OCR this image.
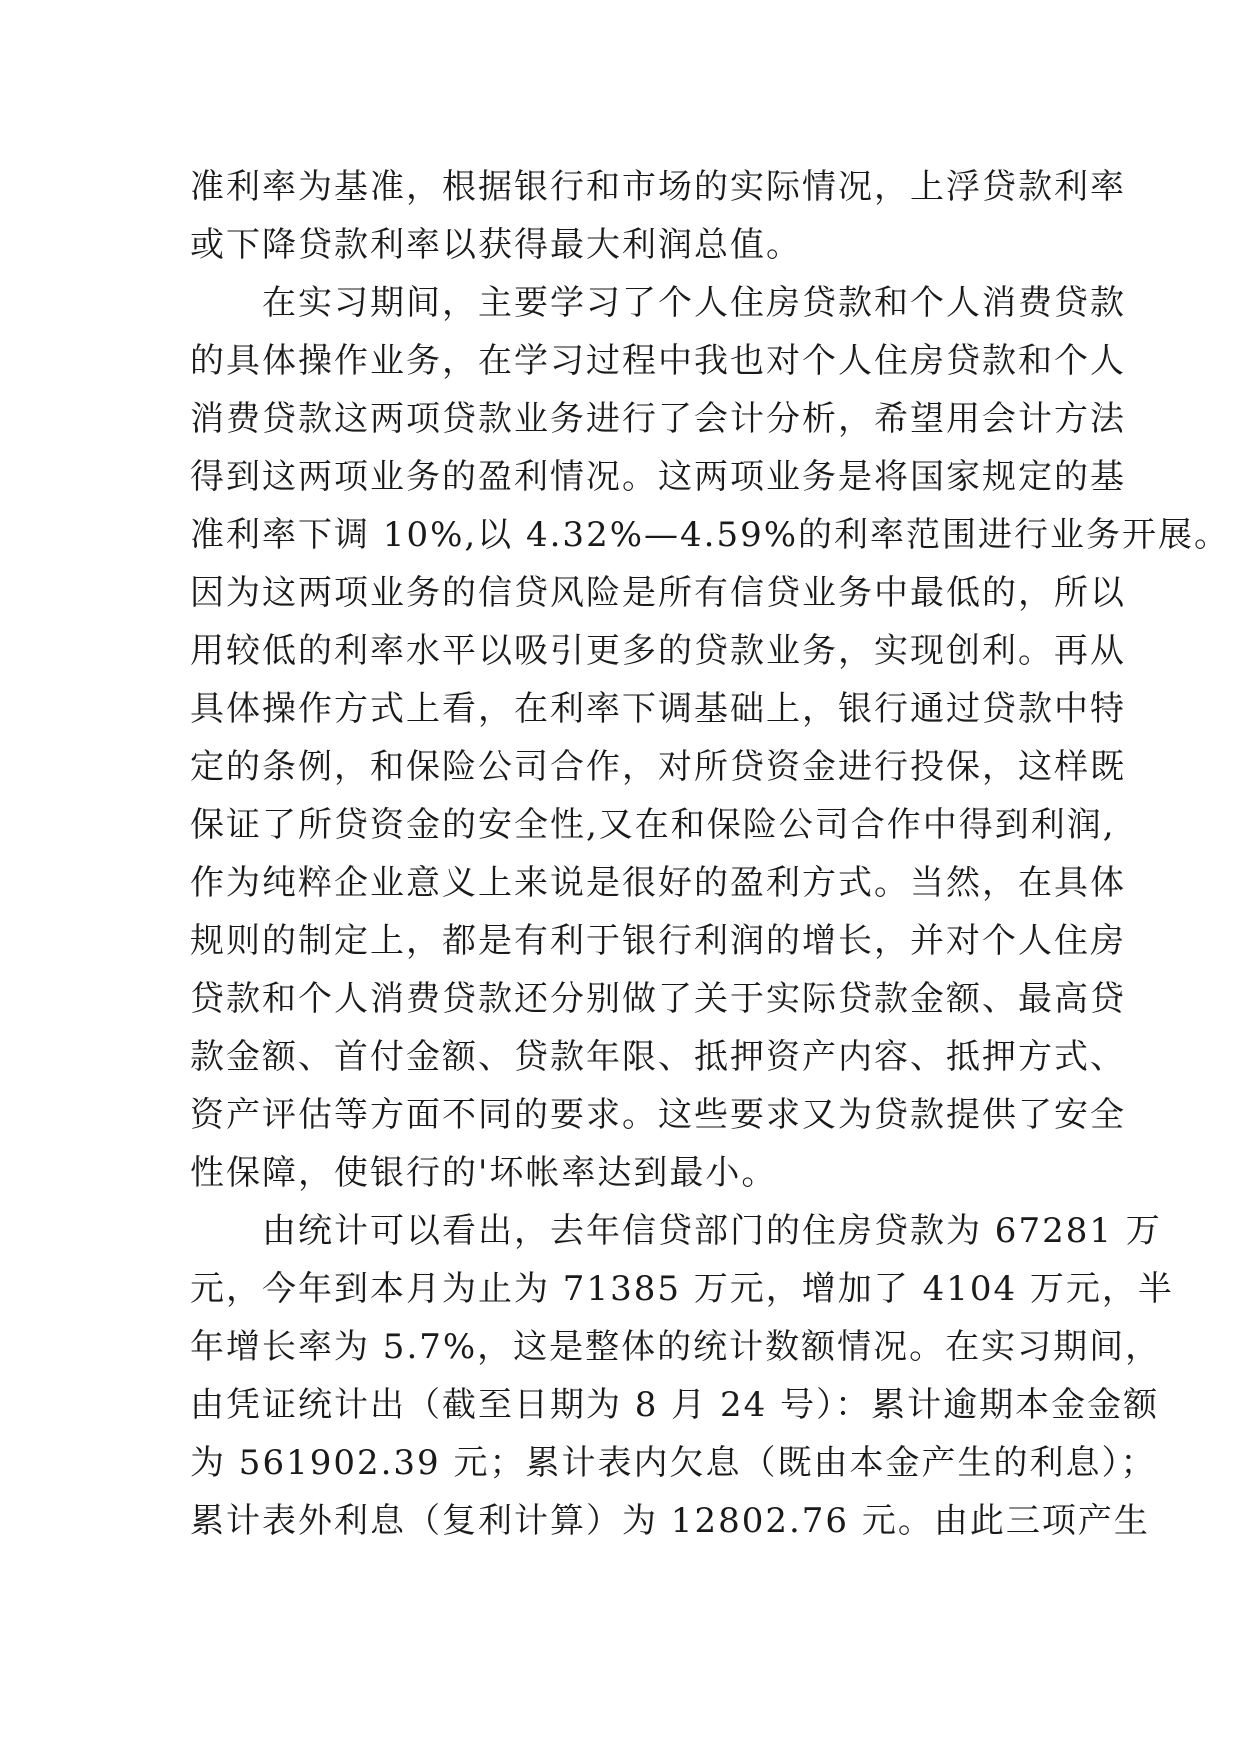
准利率为基准，根据银行和市场的实际情况，上浮贷款利率
或下降贷款利率以获得最大利润总值。
　　在实习期间，主要学习了个人住房贷款和个人消费贷款
的具体操作业务，在学习过程中我也对个人住房贷款和个人
消费贷款这两项贷款业务进行了会计分析，希望用会计方法
得到这两项业务的盈利情况。这两项业务是将国家规定的基
准利率下调 10%,以 4.32%—4.59%的利率范围进行业务开展。
因为这两项业务的信贷风险是所有信贷业务中最低的，所以
用较低的利率水平以吸引更多的贷款业务，实现创利。再从
具体操作方式上看，在利率下调基础上，银行通过贷款中特
定的条例，和保险公司合作，对所贷资金进行投保，这样既
保证了所贷资金的安全性,又在和保险公司合作中得到利润,
作为纯粹企业意义上来说是很好的盈利方式。当然，在具体
规则的制定上，都是有利于银行利润的增长，并对个人住房
贷款和个人消费贷款还分别做了关于实际贷款金额、最高贷
款金额、首付金额、贷款年限、抵押资产内容、抵押方式、
资产评估等方面不同的要求。这些要求又为贷款提供了安全
性保障，使银行的'坏帐率达到最小。
　　由统计可以看出，去年信贷部门的住房贷款为 67281 万
元，今年到本月为止为 71385 万元，增加了 4104 万元，半
年增长率为 5.7%，这是整体的统计数额情况。在实习期间，
由凭证统计出（截至日期为 8 月 24 号）：累计逾期本金金额
为 561902.39 元；累计表内欠息（既由本金产生的利息）；
累计表外利息（复利计算）为 12802.76 元。由此三项产生
